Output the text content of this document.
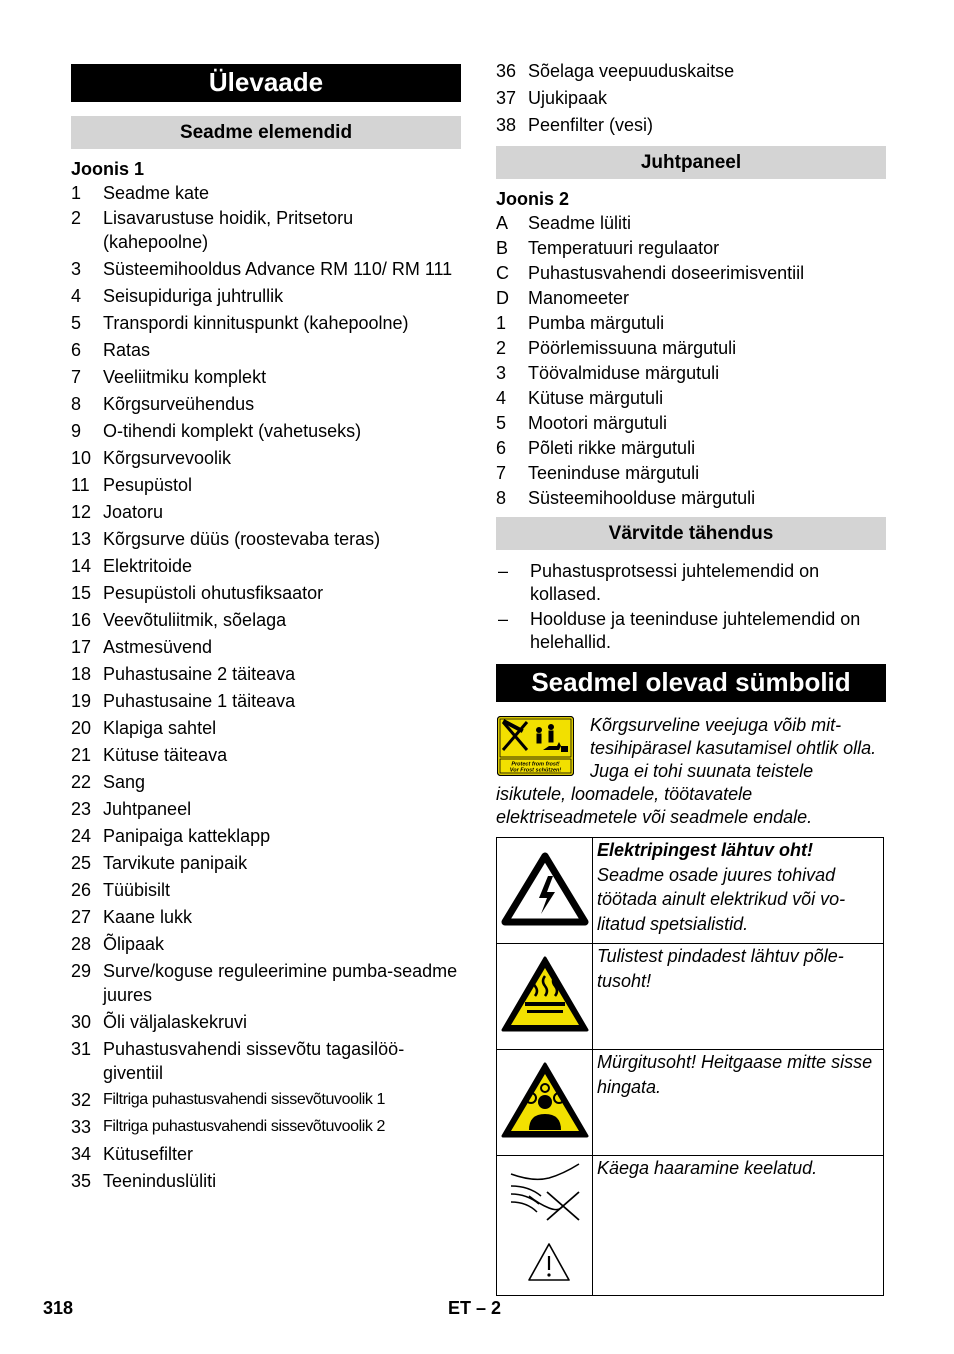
Ülevaade
Seadme elemendid
Joonis 1
1	Seadme kate
2	Lisavarustuse hoidik, Pritsetoru (kahepoolne)
3	Süsteemihooldus Advance RM 110/ RM 111
4	Seisupiduriga juhtrullik
5	Transpordi kinnituspunkt (kahepoolne)
6	Ratas
7	Veeliitmiku komplekt
8	Kõrgsurveühendus
9	O-tihendi komplekt (vahetuseks)
10 Kõrgsurvevoolik
11 Pesupüstol
12 Joatoru
13 Kõrgsurve düüs (roostevaba teras)
14 Elektritoide
15 Pesupüstoli ohutusfiksaator
16 Veevõtuliitmik, sõelaga
17 Astmesüvend
18 Puhastusaine 2 täiteava
19 Puhastusaine 1 täiteava
20 Klapiga sahtel
21 Kütuse täiteava
22 Sang
23 Juhtpaneel
24 Panipaiga katteklapp
25 Tarvikute panipaik
26 Tüübisilt
27 Kaane lukk
28 Õlipaak
29 Surve/koguse reguleerimine pumba-seadme juures
30 Õli väljalaskekruvi
31 Puhastusvahendi sissevõtu tagasilöö-giventiil
32 Filtriga puhastusvahendi sissevõtuvoolik 1
33 Filtriga puhastusvahendi sissevõtuvoolik 2
34 Kütusefilter
35 Teeninduslüliti
36 Sõelaga veepuuduskaitse
37 Ujukipaak
38 Peenfilter (vesi)
Juhtpaneel
Joonis 2
A	Seadme lüliti
B	Temperatuuri regulaator
C	Puhastusvahendi doseerimisventiil
D	Manomeeter
1	Pumba märgutuli
2	Pöörlemissuuna märgutuli
3	Töövalmiduse märgutuli
4	Kütuse märgutuli
5	Mootori märgutuli
6	Põleti rikke märgutuli
7	Teeninduse märgutuli
8	Süsteemihoolduse märgutuli
Värvitde tähendus
–	Puhastusprotsessi juhtelemendid on kollased.
–	Hoolduse ja teeninduse juhtelemendid on helehallid.
Seadmel olevad sümbolid
Protect from frost!
Vor Frost schützen!
Kõrgsurveline veejuga võib mit-tesihipärasel kasutamisel ohtlik olla. Juga ei tohi suunata teistele isikutele, loomadele, töötavatele elektriseadmetele või seadmele endale.
	Elektripingest lähtuv oht!
Seadme osade juures tohivad töötada ainult elektrikud või vo-litatud spetsialistid.
	Tulistest pindadest lähtuv põle-tusoht!
	Mürgitusoht! Heitgaase mitte sisse hingata.
	Käega haaramine keelatud.
318	ET – 2
